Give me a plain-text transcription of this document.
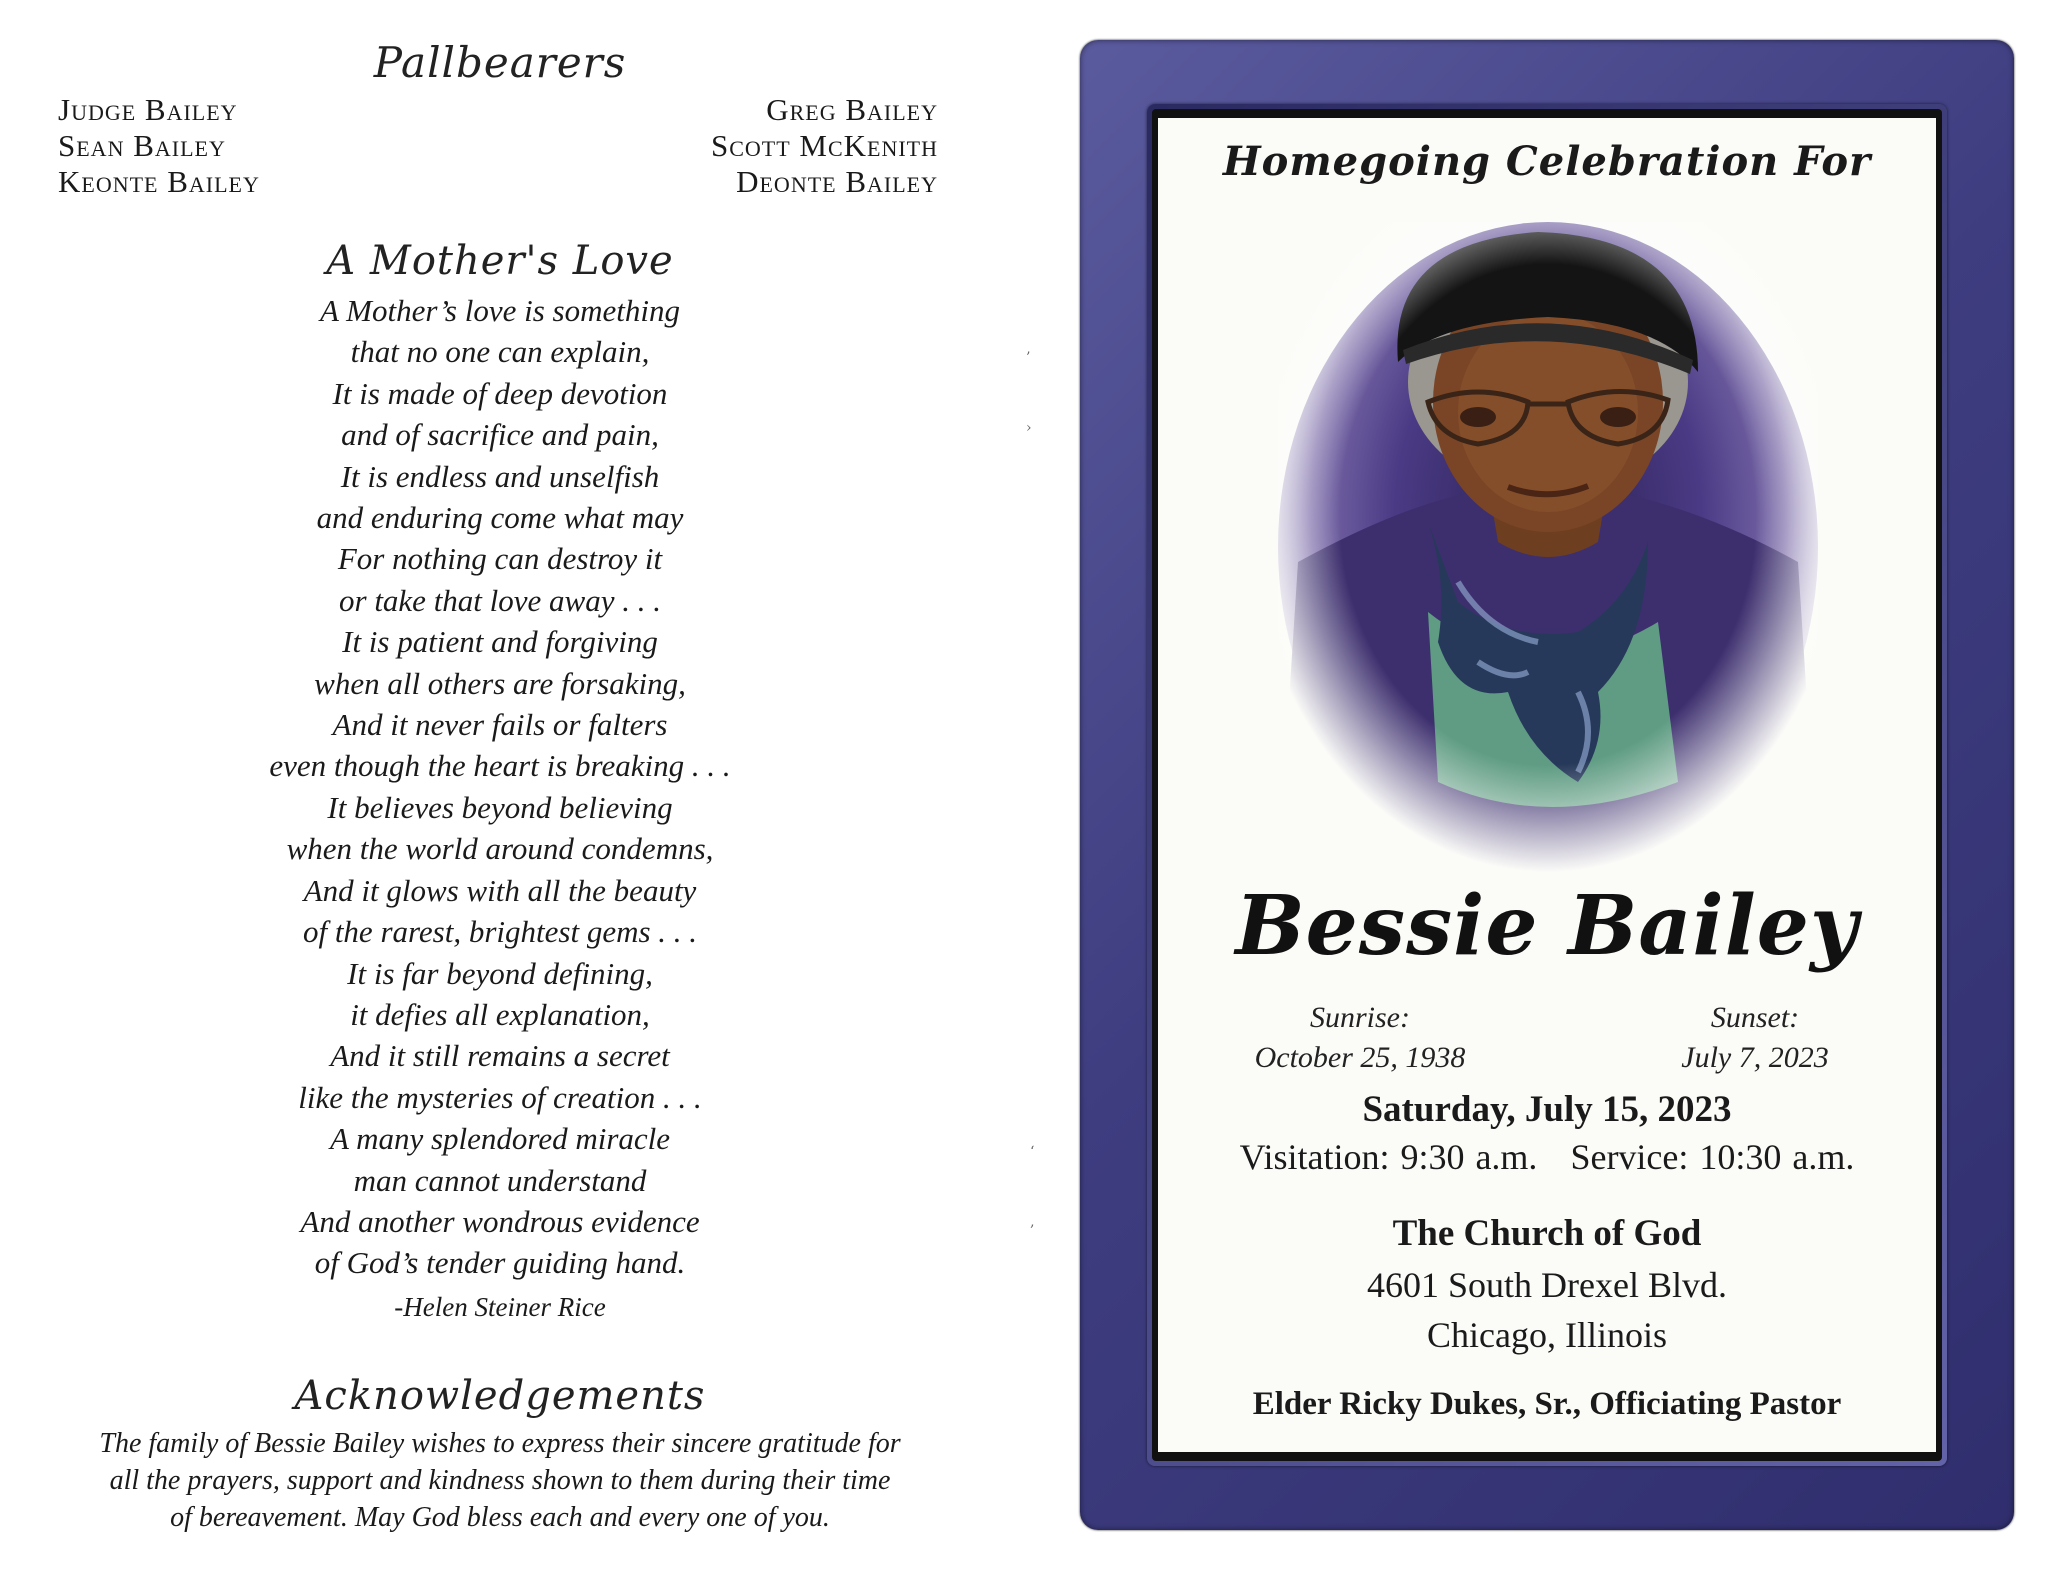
Pallbearers
Judge Bailey
Sean Bailey
Keonte Bailey
Greg Bailey
Scott McKenith
Deonte Bailey
A Mother's Love
A Mother’s love is something
that no one can explain,
It is made of deep devotion
and of sacrifice and pain,
It is endless and unselfish
and enduring come what may
For nothing can destroy it
or take that love away . . .
It is patient and forgiving
when all others are forsaking,
And it never fails or falters
even though the heart is breaking . . .
It believes beyond believing
when the world around condemns,
And it glows with all the beauty
of the rarest, brightest gems . . .
It is far beyond defining,
it defies all explanation,
And it still remains a secret
like the mysteries of creation . . .
A many splendored miracle
man cannot understand
And another wondrous evidence
of God’s tender guiding hand.
-Helen Steiner Rice
Acknowledgements
The family of Bessie Bailey wishes to express their sincere gratitude for
all the prayers, support and kindness shown to them during their time
of bereavement. May God bless each and every one of you.
’
›
‘
‚
Homegoing Celebration For
Bessie Bailey
Sunrise:
October 25, 1938
Sunset:
July 7, 2023
Saturday, July 15, 2023
Visitation: 9:30 a.m. Service: 10:30 a.m.
The Church of God
4601 South Drexel Blvd.
Chicago, Illinois
Elder Ricky Dukes, Sr., Officiating Pastor
